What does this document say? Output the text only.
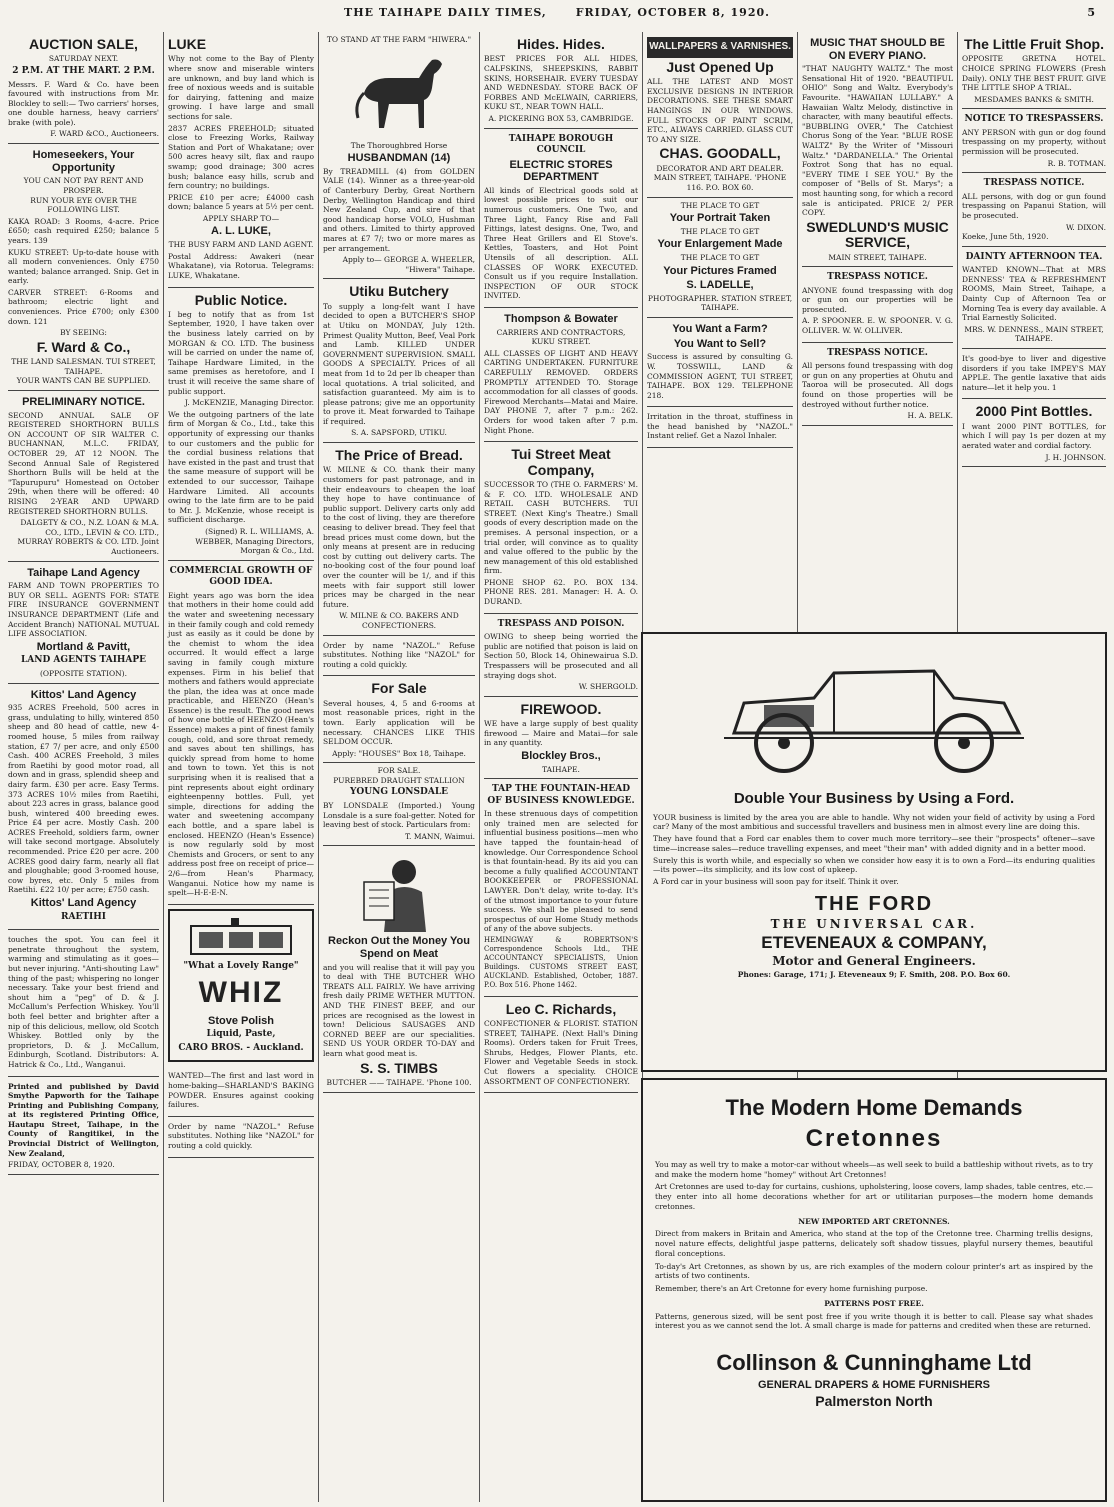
THE TAIHAPE DAILY TIMES,	FRIDAY, OCTOBER 8, 1920.	5
AUCTION SALE,
SATURDAY NEXT.
2 P.M. AT THE MART. 2 P.M.

Messrs. F. Ward & Co. have been favoured with instructions from Mr. Blockley to sell:— Two carriers' horses, one double harness, heavy carriers' brake (with pole).

F. WARD &CO., Auctioneers.
Homeseekers, Your Opportunity
YOU CAN NOT PAY RENT AND PROSPER.
RUN YOUR EYE OVER THE FOLLOWING LIST.

KAKA ROAD: 3 Rooms, 4-acre. Price £650; cash required £250; balance 5 years. 139

KUKU STREET: Up-to-date house with all modern conveniences. Only £750 wanted; balance arranged. Snip. Get in early.

CARVER STREET: 6-Rooms and bathroom; electric light and conveniences. Price £700; only £300 down. 121

BY SEEING:
F. Ward & Co.,
THE LAND SALESMAN. TUI STREET, TAIHAPE.
YOUR WANTS CAN BE SUPPLIED.
PRELIMINARY NOTICE.

SECOND ANNUAL SALE OF REGISTERED SHORTHORN BULLS ON ACCOUNT OF SIR WALTER C. BUCHANNAN, M.L.C. FRIDAY, OCTOBER 29, AT 12 NOON. The Second Annual Sale of Registered Shorthorn Bulls will be held at the "Tapurupuru" Homestead on October 29th, when there will be offered: 40 RISING 2-YEAR AND UPWARD REGISTERED SHORTHORN BULLS.

DALGETY & CO., N.Z. LOAN & M.A. CO., LTD., LEVIN & CO. LTD., MURRAY ROBERTS & CO. LTD. Joint Auctioneers.
Taihape Land Agency

FARM AND TOWN PROPERTIES TO BUY OR SELL. AGENTS FOR: STATE FIRE INSURANCE GOVERNMENT INSURANCE DEPARTMENT (Life and Accident Branch) NATIONAL MUTUAL LIFE ASSOCIATION.

Mortland & Pavitt,
LAND AGENTS TAIHAPE
(OPPOSITE STATION).
Kittos' Land Agency

935 ACRES Freehold, 500 acres in grass, undulating to hilly, wintered 850 sheep and 80 head of cattle, new 4-roomed house, 5 miles from railway station, £7 7/ per acre, and only £500 Cash. 400 ACRES Freehold, 3 miles from Raetihi by good motor road, all down and in grass, splendid sheep and dairy farm. £30 per acre. Easy Terms. 373 ACRES 10½ miles from Raetihi, about 223 acres in grass, balance good bush, wintered 400 breeding ewes. Price £4 per acre. Mostly Cash. 200 ACRES Freehold, soldiers farm, owner will take second mortgage. Absolutely recommended. Price £20 per acre. 200 ACRES good dairy farm, nearly all flat and ploughable; good 3-roomed house, cow byres, etc. Only 5 miles from Raetihi. £22 10/ per acre; £750 cash.

Kittos' Land Agency
RAETIHI

touches the spot. You can feel it penetrate throughout the system, warming and stimulating as it goes—but never injuring. "Anti-shouting Law" thing of the past; whispering no longer necessary. Take your best friend and shout him a "peg" of D. & J. McCallum's Perfection Whiskey. You'll both feel better and brighter after a nip of this delicious, mellow, old Scotch Whiskey. Bottled only by the proprietors, D. & J. McCallum, Edinburgh, Scotland. Distributors: A. Hatrick & Co., Ltd., Wanganui.

Printed and published by David Smythe Papworth for the Taihape Printing and Publishing Company, at its registered Printing Office, Hautapu Street, Taihape, in the County of Rangitikei, in the Provincial District of Wellington, New Zealand,

FRIDAY, OCTOBER 8, 1920.
LUKE

Why not come to the Bay of Plenty where snow and miserable winters are unknown, and buy land which is free of noxious weeds and is suitable for dairying, fattening and maize growing. I have large and small sections for sale.

2837 ACRES FREEHOLD; situated close to Freezing Works, Railway Station and Port of Whakatane; over 500 acres heavy silt, flax and raupo swamp; good drainage; 300 acres bush; balance easy hills, scrub and fern country; no buildings.

PRICE £10 per acre; £4000 cash down; balance 5 years at 5½ per cent.

APPLY SHARP TO—
A. L. LUKE,
THE BUSY FARM AND LAND AGENT.

Postal Address: Awakeri (near Whakatane), via Rotorua. Telegrams: LUKE, Whakatane.

Public Notice.

I beg to notify that as from 1st September, 1920, I have taken over the business lately carried on by MORGAN & CO. LTD. The business will be carried on under the name of, Taihape Hardware Limited, in the same premises as heretofore, and I trust it will receive the same share of public support.

J. McKENZIE, Managing Director.

We the outgoing partners of the late firm of Morgan & Co., Ltd., take this opportunity of expressing our thanks to our customers and the public for the cordial business relations that have existed in the past and trust that the same measure of support will be extended to our successor, Taihape Hardware Limited. All accounts owing to the late firm are to be paid to Mr. J. McKenzie, whose receipt is sufficient discharge.

(Signed) R. L. WILLIAMS, A. WEBBER, Managing Directors, Morgan & Co., Ltd.
COMMERCIAL GROWTH OF GOOD IDEA.

Eight years ago was born the idea that mothers in their home could add the water and sweetening necessary in their family cough and cold remedy just as easily as it could be done by the chemist to whom the idea occurred. It would effect a large saving in family cough mixture expenses. Firm in his belief that mothers and fathers would appreciate the plan, the idea was at once made practicable, and HEENZO (Hean's Essence) is the result. The good news of how one bottle of HEENZO (Hean's Essence) makes a pint of finest family cough, cold, and sore throat remedy, and saves about ten shillings, has quickly spread from home to home and town to town. Yet this is not surprising when it is realised that a pint represents about eight ordinary eighteenpenny bottles. Full, yet simple, directions for adding the water and sweetening accompany each bottle, and a spare label is enclosed. HEENZO (Hean's Essence) is now regularly sold by most Chemists and Grocers, or sent to any address post free on receipt of price—2/6—from Hean's Pharmacy, Wanganui. Notice how my name is spelt—H-E-E-N.

"What a Lovely Range"
WHIZ
Stove Polish
Liquid, Paste,
CARO BROS. - Auckland.

WANTED—The first and last word in home-baking—SHARLAND'S BAKING POWDER. Ensures against cooking failures.

Order by name "NAZOL." Refuse substitutes. Nothing like "NAZOL" for routing a cold quickly.

TO STAND AT THE FARM "HIWERA."
The Thoroughbred Horse
HUSBANDMAN (14)

By TREADMILL (4) from GOLDEN VALE (14). Winner as a three-year-old of Canterbury Derby, Great Northern Derby, Wellington Handicap and third New Zealand Cup, and sire of that good handicap horse VOLO, Hushman and others. Limited to thirty approved mares at £7 7/; two or more mares as per arrangement.

Apply to— GEORGE A. WHEELER, "Hiwera" Taihape.
Utiku Butchery

To supply a long-felt want I have decided to open a BUTCHER'S SHOP at Utiku on MONDAY, July 12th. Primest Quality Mutton, Beef, Veal Pork and Lamb. KILLED UNDER GOVERNMENT SUPERVISION. SMALL GOODS A SPECIALTY. Prices of all meat from 1d to 2d per lb cheaper than local quotations. A trial solicited, and satisfaction guaranteed. My aim is to please patrons; give me an opportunity to prove it. Meat forwarded to Taihape if required.

S. A. SAPSFORD, UTIKU.
The Price of Bread.

W. MILNE & CO. thank their many customers for past patronage, and in their endeavours to cheapen the loaf they hope to have continuance of public support. Delivery carts only add to the cost of living, they are therefore ceasing to deliver bread. They feel that bread prices must come down, but the only means at present are in reducing cost by cutting out delivery carts. The no-booking cost of the four pound loaf over the counter will be 1/, and if this meets with fair support still lower prices may be charged in the near future.

W. MILNE & CO. BAKERS AND CONFECTIONERS.

Order by name "NAZOL." Refuse substitutes. Nothing like "NAZOL" for routing a cold quickly.

For Sale

Several houses, 4, 5 and 6-rooms at most reasonable prices, right in the town. Early application will be necessary. CHANCES LIKE THIS SELDOM OCCUR.

Apply: "HOUSES" Box 18, Taihape.
FOR SALE.
PUREBRED DRAUGHT STALLION
YOUNG LONSDALE

BY LONSDALE (Imported.) Young Lonsdale is a sure foal-getter. Noted for leaving best of stock. Particulars from:

T. MANN, Waimui.
Reckon Out the Money You Spend on Meat

and you will realise that it will pay you to deal with THE BUTCHER WHO TREATS ALL FAIRLY. We have arriving fresh daily PRIME WETHER MUTTON. AND THE FINEST BEEF, and our prices are recognised as the lowest in town! Delicious SAUSAGES AND CORNED BEEF are our specialities. SEND US YOUR ORDER TO-DAY and learn what good meat is.

S. S. TIMBS
BUTCHER —— TAIHAPE. 'Phone 100.
Hides. Hides.

BEST PRICES FOR ALL HIDES, CALFSKINS, SHEEPSKINS, RABBIT SKINS, HORSEHAIR. EVERY TUESDAY AND WEDNESDAY. STORE BACK OF FORBES AND McELWAIN, CARRIERS, KUKU ST., NEAR TOWN HALL.

A. PICKERING BOX 53, CAMBRIDGE.
TAIHAPE BOROUGH COUNCIL
ELECTRIC STORES DEPARTMENT

All kinds of Electrical goods sold at lowest possible prices to suit our numerous customers. One Two, and Three Light, Fancy Rise and Fall Fittings, latest designs. One, Two, and Three Heat Grillers and El Stove's. Kettles, Toasters, and Hot Point Utensils of all description. ALL CLASSES OF WORK EXECUTED. Consult us if you require Installation. INSPECTION OF OUR STOCK INVITED.

Thompson & Bowater
CARRIERS AND CONTRACTORS, KUKU STREET.

ALL CLASSES OF LIGHT AND HEAVY CARTING UNDERTAKEN. FURNITURE CAREFULLY REMOVED. ORDERS PROMPTLY ATTENDED TO. Storage accommodation for all classes of goods. Firewood Merchants—Matai and Maire. DAY PHONE 7, after 7 p.m.: 262. Orders for wood taken after 7 p.m. Night Phone.

Tui Street Meat Company,

SUCCESSOR TO (THE O. FARMERS' M. & F. CO. LTD. WHOLESALE AND RETAIL CASH BUTCHERS. TUI STREET. (Next King's Theatre.) Small goods of every description made on the premises. A personal inspection, or a trial order, will convince as to quality and value offered to the public by the new management of this old established firm.

PHONE SHOP 62. P.O. BOX 134. PHONE RES. 281. Manager: H. A. O. DURAND.

TRESPASS AND POISON.

OWING to sheep being worried the public are notified that poison is laid on Section 50, Block 14, Ohinewairua S.D. Trespassers will be prosecuted and all straying dogs shot.

W. SHERGOLD.
FIREWOOD.

WE have a large supply of best quality firewood — Maire and Matai—for sale in any quantity.

Blockley Bros.,
TAIHAPE.
TAP THE FOUNTAIN-HEAD OF BUSINESS KNOWLEDGE.

In these strenuous days of competition only trained men are selected for influential business positions—men who have tapped the fountain-head of knowledge. Our Correspondence School is that fountain-head. By its aid you can become a fully qualified ACCOUNTANT BOOKKEEPER or PROFESSIONAL LAWYER. Don't delay, write to-day. It's of the utmost importance to your future success. We shall be pleased to send prospectus of our Home Study methods of any of the above subjects.

HEMINGWAY & ROBERTSON'S Correspondence Schools Ltd., THE ACCOUNTANCY SPECIALISTS, Union Buildings. CUSTOMS STREET EAST, AUCKLAND. Established, October, 1887. P.O. Box 516. Phone 1462.

Leo C. Richards,

CONFECTIONER & FLORIST. STATION STREET, TAIHAPE. (Next Hall's Dining Rooms). Orders taken for Fruit Trees, Shrubs, Hedges, Flower Plants, etc. Flower and Vegetable Seeds in stock. Cut flowers a speciality. CHOICE ASSORTMENT OF CONFECTIONERY.

WALLPAPERS & VARNISHES.
Just Opened Up

ALL THE LATEST AND MOST EXCLUSIVE DESIGNS IN INTERIOR DECORATIONS. SEE THESE SMART HANGINGS IN OUR WINDOWS. FULL STOCKS OF PAINT SCRIM, ETC., ALWAYS CARRIED. GLASS CUT TO ANY SIZE.

CHAS. GOODALL,
DECORATOR AND ART DEALER. MAIN STREET, TAIHAPE. 'PHONE 116. P.O. BOX 60.
THE PLACE TO GET
Your Portrait Taken
THE PLACE TO GET
Your Enlargement Made
THE PLACE TO GET
Your Pictures Framed
S. LADELLE,
PHOTOGRAPHER. STATION STREET, TAIHAPE.
You Want a Farm?
You Want to Sell?

Success is assured by consulting G. W. TOSSWILL, LAND & COMMISSION AGENT, TUI STREET, TAIHAPE. BOX 129. TELEPHONE 218.

Irritation in the throat, stuffiness in the head banished by "NAZOL." Instant relief. Get a Nazol Inhaler.

MUSIC THAT SHOULD BE ON EVERY PIANO.

"THAT NAUGHTY WALTZ." The most Sensational Hit of 1920. "BEAUTIFUL OHIO" Song and Waltz. Everybody's Favourite. "HAWAIIAN LULLABY." A Hawaiian Waltz Melody, distinctive in character, with many beautiful effects. "BUBBLING OVER," The Catchiest Chorus Song of the Year. "BLUE ROSE WALTZ" By the Writer of "Missouri Waltz." "DARDANELLA." The Oriental Foxtrot Song that has no equal. "EVERY TIME I SEE YOU." By the composer of "Bells of St. Marys"; a most haunting song, for which a record sale is anticipated. PRICE 2/ PER COPY.

SWEDLUND'S MUSIC SERVICE,
MAIN STREET, TAIHAPE.
TRESPASS NOTICE.

ANYONE found trespassing with dog or gun on our properties will be prosecuted.

A. P. SPOONER. E. W. SPOONER. V. G. OLLIVER. W. W. OLLIVER.

TRESPASS NOTICE.

All persons found trespassing with dog or gun on any properties at Ohutu and Taoroa will be prosecuted. All dogs found on those properties will be destroyed without further notice.

H. A. BELK.
The Little Fruit Shop.

OPPOSITE GRETNA HOTEL. CHOICE SPRING FLOWERS (Fresh Daily). ONLY THE BEST FRUIT. GIVE THE LITTLE SHOP A TRIAL.

MESDAMES BANKS & SMITH.
NOTICE TO TRESPASSERS.

ANY PERSON with gun or dog found trespassing on my property, without permission will be prosecuted.

R. B. TOTMAN.
TRESPASS NOTICE.

ALL persons, with dog or gun found trespassing on Papanui Station, will be prosecuted.

W. DIXON.
Koeke, June 5th, 1920.
DAINTY AFTERNOON TEA.

WANTED KNOWN—That at MRS DENNESS' TEA & REFRESHMENT ROOMS, Main Street, Taihape, a Dainty Cup of Afternoon Tea or Morning Tea is every day available. A Trial Earnestly Solicited.

MRS. W. DENNESS., MAIN STREET, TAIHAPE.

It's good-bye to liver and digestive disorders if you take IMPEY'S MAY APPLE. The gentle laxative that aids nature—let it help you. 1

2000 Pint Bottles.

I want 2000 PINT BOTTLES, for which I will pay 1s per dozen at my aerated water and cordial factory.

J. H. JOHNSON.
Double Your Business by Using a Ford.

YOUR business is limited by the area you are able to handle. Why not widen your field of activity by using a Ford car? Many of the most ambitious and successful travellers and business men in almost every line are doing this.

They have found that a Ford car enables them to cover much more territory—see their "prospects" oftener—save time—increase sales—reduce travelling expenses, and meet "their man" with added dignity and in a better mood.

Surely this is worth while, and especially so when we consider how easy it is to own a Ford—its enduring qualities—its power—its simplicity, and its low cost of upkeep.

A Ford car in your business will soon pay for itself. Think it over.

THE FORD
THE UNIVERSAL CAR.
ETEVENEAUX & COMPANY,
Motor and General Engineers.
Phones: Garage, 171; J. Eteveneaux 9; F. Smith, 208. P.O. Box 60.
The Modern Home Demands
Cretonnes

You may as well try to make a motor-car without wheels—as well seek to build a battleship without rivets, as to try and make the modern home "homey" without Art Cretonnes!

Art Cretonnes are used to-day for curtains, cushions, upholstering, loose covers, lamp shades, table centres, etc.—they enter into all home decorations whether for art or utilitarian purposes—the modern home demands cretonnes.

NEW IMPORTED ART CRETONNES.

Direct from makers in Britain and America, who stand at the top of the Cretonne tree. Charming trellis designs, novel nature effects, delightful jaspe patterns, delicately soft shadow tissues, playful nursery themes, beautiful floral conceptions.

To-day's Art Cretonnes, as shown by us, are rich examples of the modern colour printer's art as inspired by the artists of two continents.

Remember, there's an Art Cretonne for every home furnishing purpose.

PATTERNS POST FREE.

Patterns, generous sized, will be sent post free if you write though it is better to call. Please say what shades interest you as we cannot send the lot. A small charge is made for patterns and credited when these are returned.

Collinson & Cunninghame Ltd
GENERAL DRAPERS & HOME FURNISHERS
Palmerston North
